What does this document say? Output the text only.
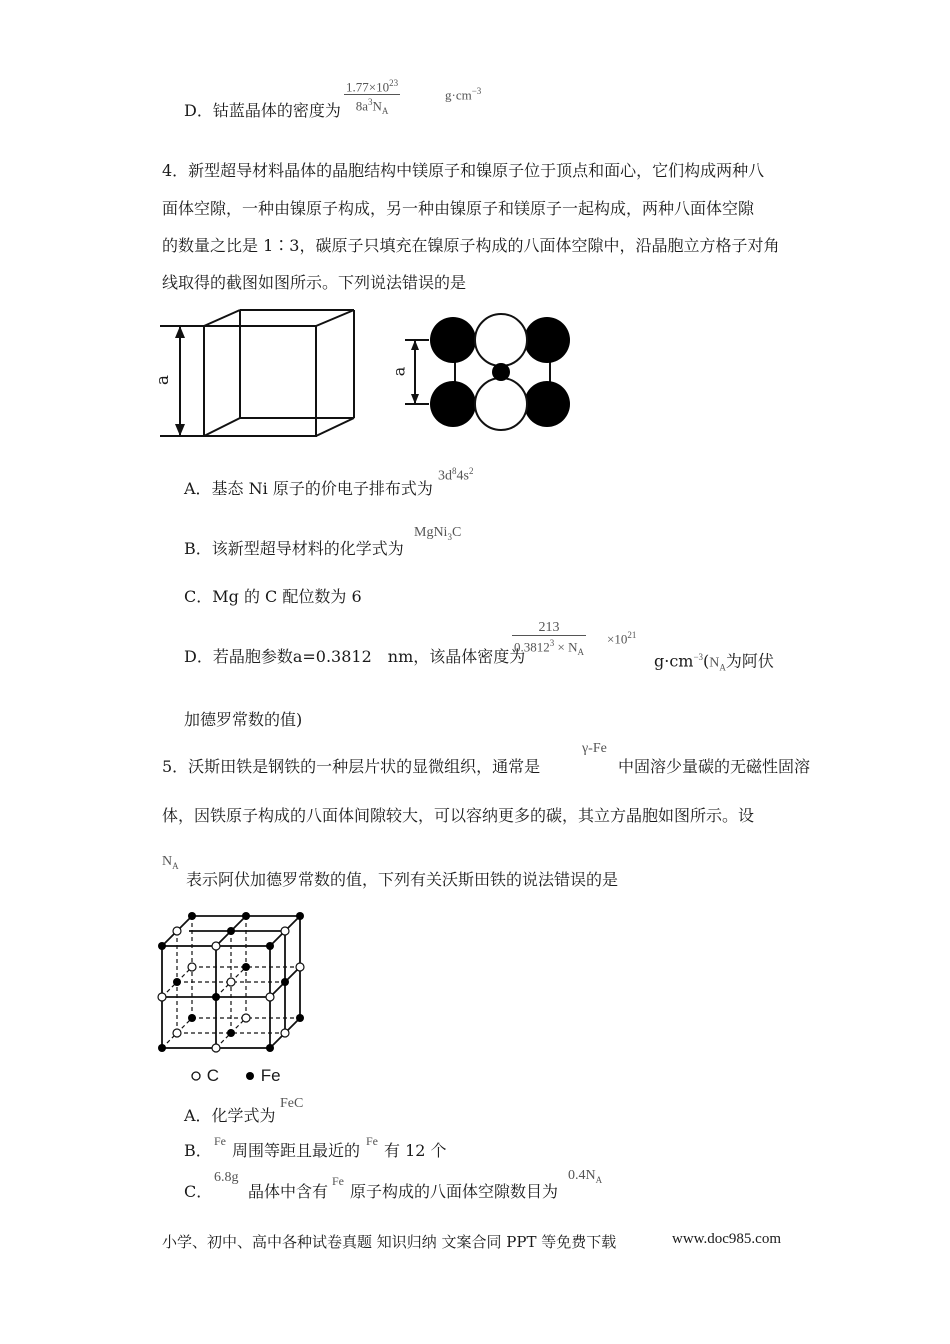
D．钴蓝晶体的密度为 $\frac{1.77\times 10^{23}}{8a^3N_A}$	$g\cdot cm^{-3}$
4．新型超导材料晶体的晶胞结构中镁原子和镍原子位于顶点和面心，它们构成两种八
面体空隙，一种由镍原子构成，另一种由镍原子和镁原子一起构成，两种八面体空隙
的数量之比是 1∶3，碳原子只填充在镍原子构成的八面体空隙中，沿晶胞立方格子对角
线取得的截图如图所示。下列说法错误的是
a
a
A．基态 Ni 原子的价电子排布式为
$3d^84s^2$
B．该新型超导材料的化学式为
MgNi$_3$C
C．Mg 的 C 配位数为 6
D．若晶胞参数a=0.3812　nm，该晶体密度为
$\frac{213}{0.3812^3 \times N_A} \times 10^{21}$
$g\cdot cm^{-3}(N_A$为阿伏
加德罗常数的值)
5．沃斯田铁是钢铁的一种层片状的显微组织，通常是
γ-Fe
中固溶少量碳的无磁性固溶
体，因铁原子构成的八面体间隙较大，可以容纳更多的碳，其立方晶胞如图所示。设
$N_A$
表示阿伏加德罗常数的值，下列有关沃斯田铁的说法错误的是
C	Fe
A．化学式为
FeC
B． Fe 周围等距且最近的 Fe 有 12 个
C．
6.8g
晶体中含有
Fe
原子构成的八面体空隙数目为
$0.4N_A$
小学、初中、高中各种试卷真题 知识归纳 文案合同 PPT 等免费下载	www.doc985.com
